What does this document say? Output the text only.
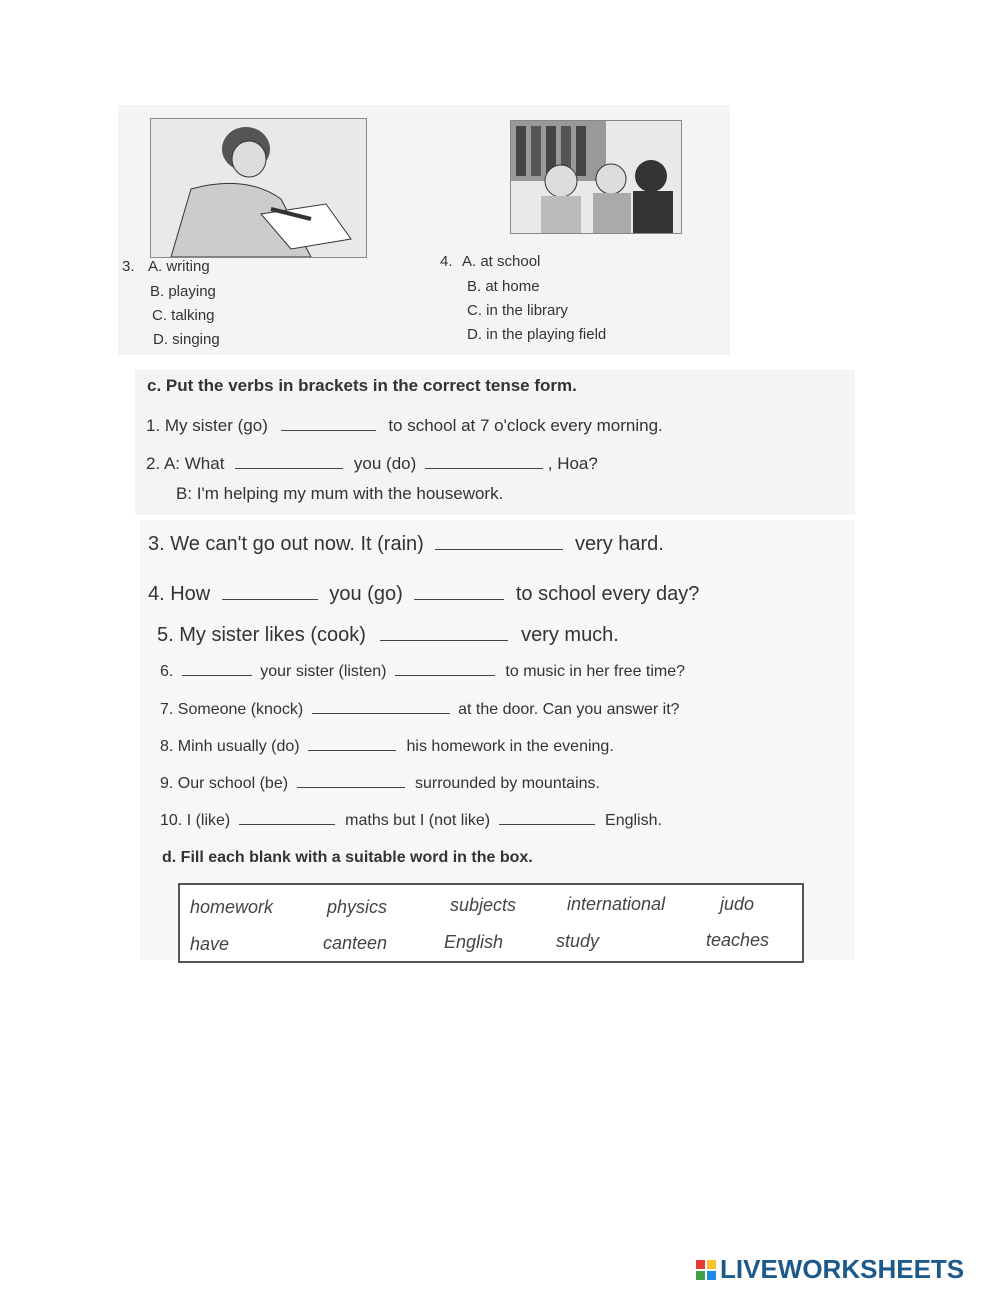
3. A. writing
B. playing
C. talking
D. singing
4. A. at school
B. at home
C. in the library
D. in the playing field
c. Put the verbs in brackets in the correct tense form.
1. My sister (go)	to school at 7 o'clock every morning.
2. A: What	you (do)	, Hoa?
B: I'm helping my mum with the housework.
3. We can't go out now. It (rain)	very hard.
4. How	you (go)	to school every day?
5. My sister likes (cook)	very much.
6.	your sister (listen)	to music in her free time?
7. Someone (knock)	at the door. Can you answer it?
8. Minh usually (do)	his homework in the evening.
9. Our school (be)	surrounded by mountains.
10. I (like)	maths but I (not like)	English.
d. Fill each blank with a suitable word in the box.
homework	physics	subjects	international	judo
have	canteen	English	study	teaches
LIVEWORKSHEETS
